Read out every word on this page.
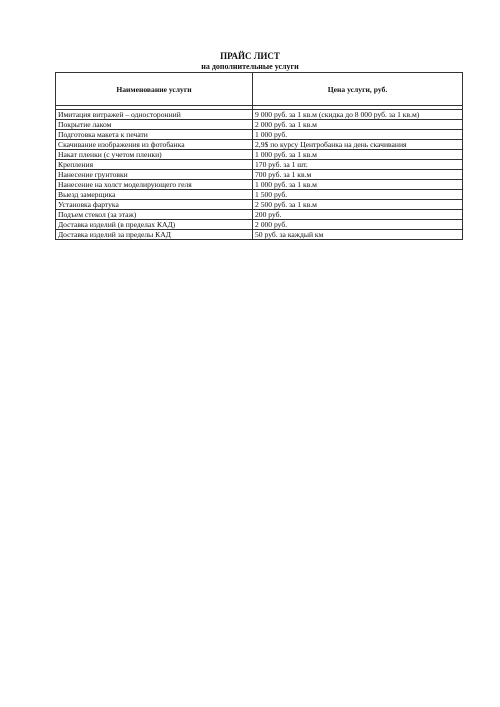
ПРАЙС ЛИСТ
на дополнительные услуги
Наименование услуги	Цена услуги, руб.

Имитация витражей – односторонний	9 000 руб. за 1 кв.м (скидка до 8 000 руб. за 1 кв.м)
Покрытие лаком	2 000 руб. за 1 кв.м
Подготовка макета к печати	1 000 руб.
Скачивание изображения из фотобанка	2,9$ по курсу Центробанка на день скачивания
Накат пленки (с учетом пленки)	1 000 руб. за 1 кв.м
Крепления	170 руб. за 1 шт.
Нанесение грунтовки	700 руб. за 1 кв.м
Нанесение на холст моделирующего геля	1 000 руб. за 1 кв.м
Выезд замерщика	1 500 руб.
Установка фартука	2 500 руб. за 1 кв.м
Подъем стекол (за этаж)	200 руб.
Доставка изделий (в пределах КАД)	2 000 руб.
Доставка изделий за пределы КАД	50 руб. за каждый км
